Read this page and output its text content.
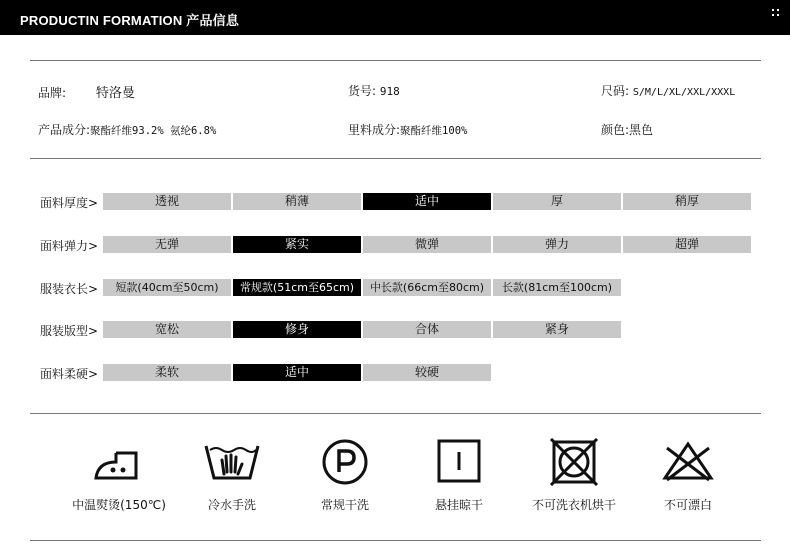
PRODUCTIN FORMATION 产品信息
品牌: 特洛曼	货号: 918	尺码: S/M/L/XL/XXL/XXXL
产品成分:聚酯纤维93.2% 氨纶6.8%	里料成分:聚酯纤维100%	颜色:黑色
面料厚度>	透视	稍薄	适中	厚	稍厚
面料弹力>	无弹	紧实	微弹	弹力	超弹
服装衣长>	短款(40cm至50cm)	常规款(51cm至65cm)	中长款(66cm至80cm)	长款(81cm至100cm)
服装版型>	宽松	修身	合体	紧身
面料柔硬>	柔软	适中	较硬
中温熨烫(150℃)	冷水手洗	常规干洗	悬挂晾干	不可洗衣机烘干	不可漂白
